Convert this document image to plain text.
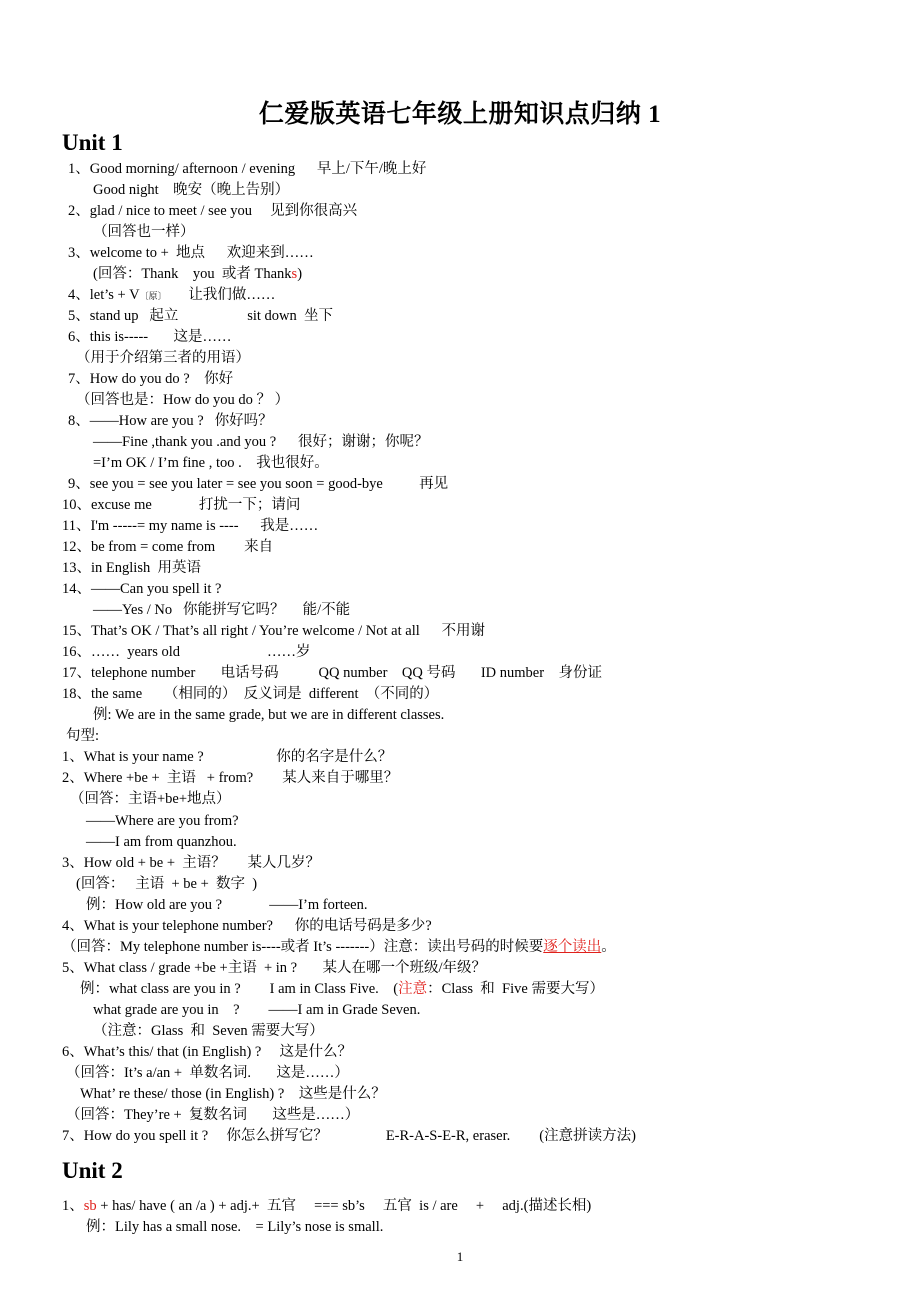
仁爱版英语七年级上册知识点归纳 1
Unit 1
1、Good morning/ afternoon / evening      早上/下午/晚上好
Good night    晚安（晚上告别）
2、glad / nice to meet / see you     见到你很高兴
（回答也一样）
3、welcome to +  地点      欢迎来到……
(回答：Thank    you  或者 Thanks)
4、let’s + V〔原〕      让我们做……
5、stand up   起立                   sit down  坐下
6、this is-----       这是……
（用于介绍第三者的用语）
7、How do you do ?    你好
（回答也是：How do you do ？ ）
8、——How are you ?   你好吗？
——Fine ,thank you .and you ?      很好；谢谢；你呢？
=I’m OK / I’m fine , too .    我也很好。
9、see you = see you later = see you soon = good-bye          再见
10、excuse me             打扰一下；请问
11、I'm -----= my name is ----      我是……
12、be from = come from        来自
13、in English  用英语
14、——Can you spell it ?
——Yes / No   你能拼写它吗？     能/不能
15、That’s OK / That’s all right / You’re welcome / Not at all      不用谢
16、……  years old                        ……岁
17、telephone number       电话号码           QQ number    QQ 号码       ID number    身份证
18、the same      （相同的）  反义词是  different  （不同的）
例: We are in the same grade, but we are in different classes.
句型:
1、What is your name ?                    你的名字是什么？
2、Where +be +  主语   + from?        某人来自于哪里？
（回答：主语+be+地点）
——Where are you from?
——I am from quanzhou.
3、How old + be +  主语？      某人几岁？
(回答：   主语  + be +  数字  )
例：How old are you ?             ——I’m forteen.
4、What is your telephone number?      你的电话号码是多少?
（回答：My telephone number is----或者 It’s -------）注意：读出号码的时候要逐个读出。
5、What class / grade +be +主语  + in ?       某人在哪一个班级/年级？
例：what class are you in ?        I am in Class Five.    (注意：Class  和  Five 需要大写）
what grade are you in    ?        ——I am in Grade Seven.
（注意：Glass  和  Seven 需要大写）
6、What’s this/ that (in English) ?     这是什么？
（回答：It’s a/an +  单数名词.       这是……）
What’ re these/ those (in English) ?    这些是什么？
（回答：They’re +  复数名词       这些是……）
7、How do you spell it ?     你怎么拼写它？                E-R-A-S-E-R, eraser.        (注意拼读方法)
Unit 2
1、sb + has/ have ( an /a ) + adj.+  五官     === sb’s     五官  is / are     +     adj.(描述长相)
例：Lily has a small nose.    = Lily’s nose is small.
1
